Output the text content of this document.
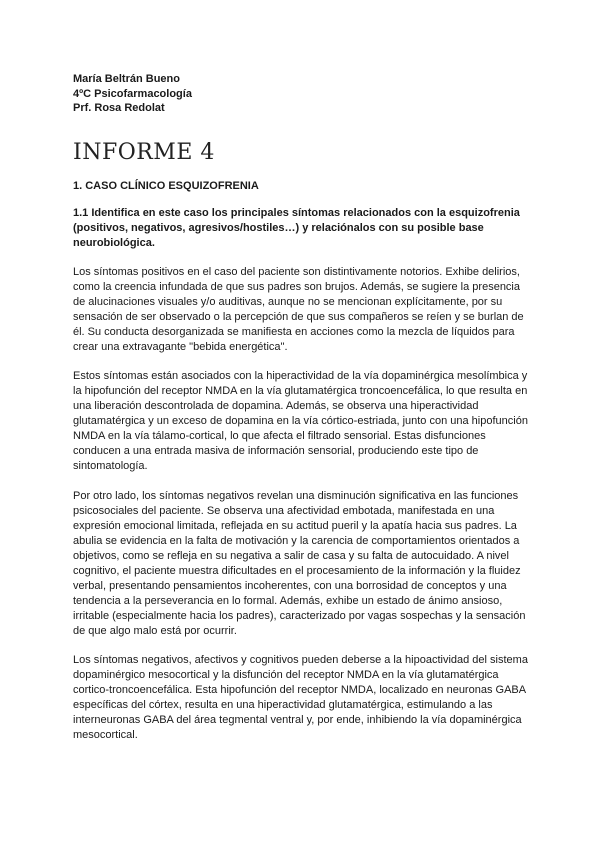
María Beltrán Bueno
4ºC Psicofarmacología
Prf. Rosa Redolat
INFORME 4
1. CASO CLÍNICO ESQUIZOFRENIA
1.1 Identifica en este caso los principales síntomas relacionados con la esquizofrenia (positivos, negativos, agresivos/hostiles…) y relaciónalos con su posible base neurobiológica.

Los síntomas positivos en el caso del paciente son distintivamente notorios. Exhibe delirios, como la creencia infundada de que sus padres son brujos. Además, se sugiere la presencia de alucinaciones visuales y/o auditivas, aunque no se mencionan explícitamente, por su sensación de ser observado o la percepción de que sus compañeros se reíen y se burlan de él. Su conducta desorganizada se manifiesta en acciones como la mezcla de líquidos para crear una extravagante "bebida energética".

Estos síntomas están asociados con la hiperactividad de la vía dopaminérgica mesolímbica y la hipofunción del receptor NMDA en la vía glutamatérgica troncoencefálica, lo que resulta en una liberación descontrolada de dopamina. Además, se observa una hiperactividad glutamatérgica y un exceso de dopamina en la vía córtico-estriada, junto con una hipofunción NMDA en la vía tálamo-cortical, lo que afecta el filtrado sensorial. Estas disfunciones conducen a una entrada masiva de información sensorial, produciendo este tipo de sintomatología.

Por otro lado, los síntomas negativos revelan una disminución significativa en las funciones psicosociales del paciente. Se observa una afectividad embotada, manifestada en una expresión emocional limitada, reflejada en su actitud pueril y la apatía hacia sus padres. La abulia se evidencia en la falta de motivación y la carencia de comportamientos orientados a objetivos, como se refleja en su negativa a salir de casa y su falta de autocuidado. A nivel cognitivo, el paciente muestra dificultades en el procesamiento de la información y la fluidez verbal, presentando pensamientos incoherentes, con una borrosidad de conceptos y una tendencia a la perseverancia en lo formal. Además, exhibe un estado de ánimo ansioso, irritable (especialmente hacia los padres), caracterizado por vagas sospechas y la sensación de que algo malo está por ocurrir.

Los síntomas negativos, afectivos y cognitivos pueden deberse a la hipoactividad del sistema dopaminérgico mesocortical y la disfunción del receptor NMDA en la vía glutamatérgica cortico-troncoencefálica. Esta hipofunción del receptor NMDA, localizado en neuronas GABA específicas del córtex, resulta en una hiperactividad glutamatérgica, estimulando a las interneuronas GABA del área tegmental ventral y, por ende, inhibiendo la vía dopaminérgica mesocortical.
